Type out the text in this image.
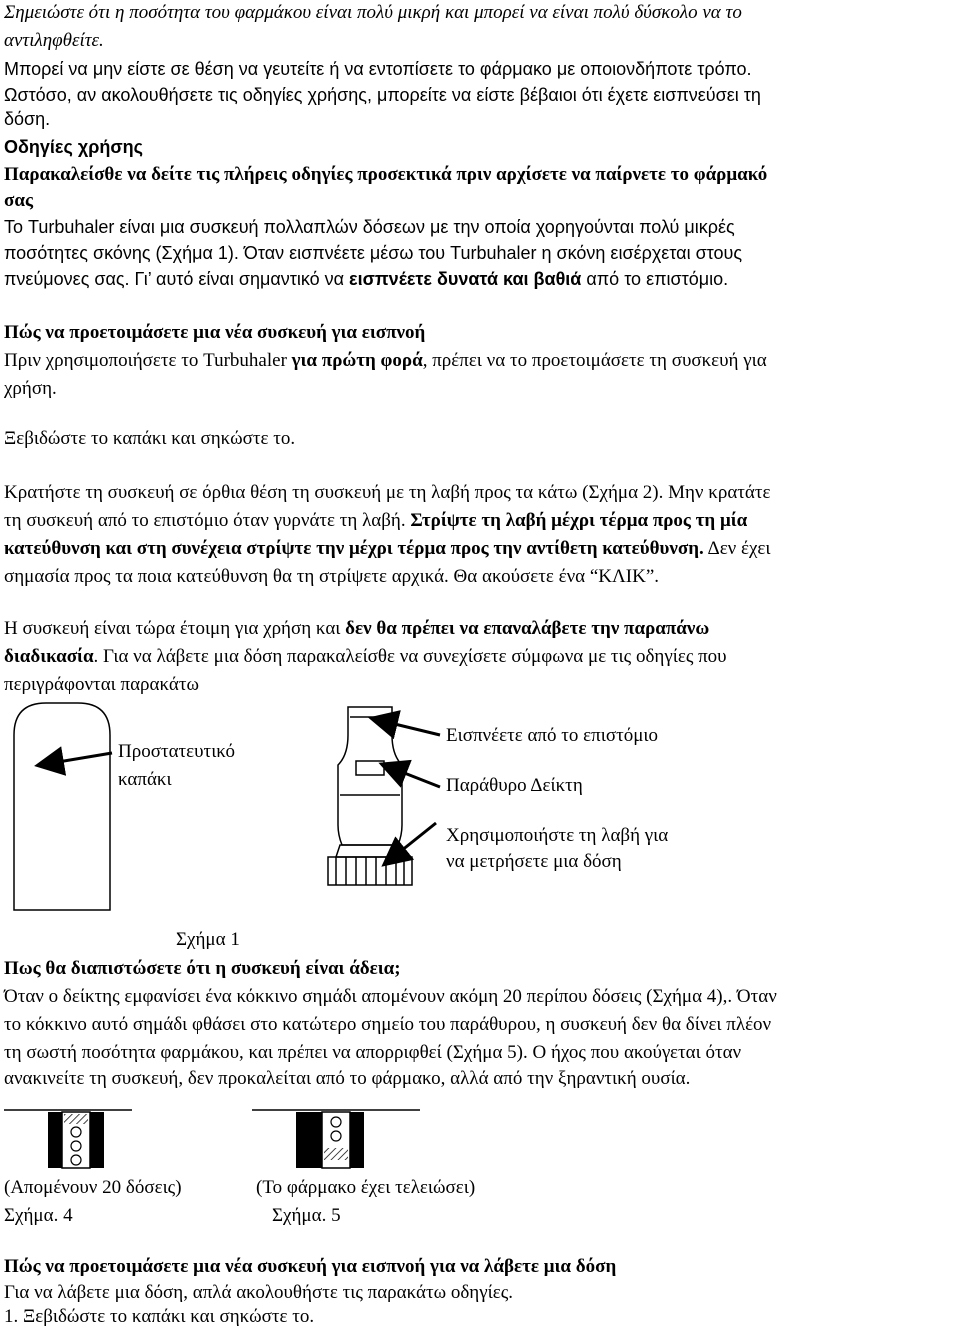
Σημειώστε ότι η ποσότητα του φαρμάκου είναι πολύ μικρή και μπορεί να είναι πολύ δύσκολο να το

αντιληφθείτε.

Μπορεί να μην είστε σε θέση να γευτείτε ή να εντοπίσετε το φάρμακο με οποιονδήποτε τρόπο.

Ωστόσο, αν ακολουθήσετε τις οδηγίες χρήσης, μπορείτε να είστε βέβαιοι ότι έχετε εισπνεύσει τη

δόση.

Οδηγίες χρήσης

Παρακαλείσθε να δείτε τις πλήρεις οδηγίες προσεκτικά πριν αρχίσετε να παίρνετε το φάρμακό

σας

Το Turbuhaler είναι μια συσκευή πολλαπλών δόσεων με την οποία χορηγούνται πολύ μικρές

ποσότητες σκόνης (Σχήμα 1). Όταν εισπνέετε μέσω του Turbuhaler η σκόνη εισέρχεται στους

πνεύμονες σας. Γι’ αυτό είναι σημαντικό να εισπνέετε δυνατά και βαθιά από το επιστόμιο.

Πώς να προετοιμάσετε μια νέα συσκευή για εισπνοή

Πριν χρησιμοποιήσετε το Turbuhaler για πρώτη φορά, πρέπει να το προετοιμάσετε τη συσκευή για

χρήση.

Ξεβιδώστε το καπάκι και σηκώστε το.

Κρατήστε τη συσκευή σε όρθια θέση τη συσκευή με τη λαβή προς τα κάτω (Σχήμα 2). Μην κρατάτε

τη συσκευή από το επιστόμιο όταν γυρνάτε τη λαβή. Στρίψτε τη λαβή μέχρι τέρμα προς τη μία

κατεύθυνση και στη συνέχεια στρίψτε την μέχρι τέρμα προς την αντίθετη κατεύθυνση. Δεν έχει

σημασία προς τα ποια κατεύθυνση θα τη στρίψετε αρχικά. Θα ακούσετε ένα “ΚΛΙΚ”.

Η συσκευή είναι τώρα έτοιμη για χρήση και δεν θα πρέπει να επαναλάβετε την παραπάνω

διαδικασία. Για να λάβετε μια δόση παρακαλείσθε να συνεχίσετε σύμφωνα με τις οδηγίες που

περιγράφονται παρακάτω

Προστατευτικό
καπάκι
Εισπνέετε από το επιστόμιο
Παράθυρο Δείκτη
Χρησιμοποιήστε τη λαβή για
να μετρήσετε μια δόση
Σχήμα 1

Πως θα διαπιστώσετε ότι η συσκευή είναι άδεια;

Όταν ο δείκτης εμφανίσει ένα κόκκινο σημάδι απομένουν ακόμη 20 περίπου δόσεις (Σχήμα 4),. Όταν

το κόκκινο αυτό σημάδι φθάσει στο κατώτερο σημείο του παράθυρου, η συσκευή δεν θα δίνει πλέον

τη σωστή ποσότητα φαρμάκου, και πρέπει να απορριφθεί (Σχήμα 5). Ο ήχος που ακούγεται όταν

ανακινείτε τη συσκευή, δεν προκαλείται από το φάρμακο, αλλά από την ξηραντική ουσία.

(Απομένουν 20 δόσεις)	(Το φάρμακο έχει τελειώσει)
Σχήμα. 4	Σχήμα. 5

Πώς να προετοιμάσετε μια νέα συσκευή για εισπνοή για να λάβετε μια δόση

Για να λάβετε μια δόση, απλά ακολουθήστε τις παρακάτω οδηγίες.

1. Ξεβιδώστε το καπάκι και σηκώστε το.
